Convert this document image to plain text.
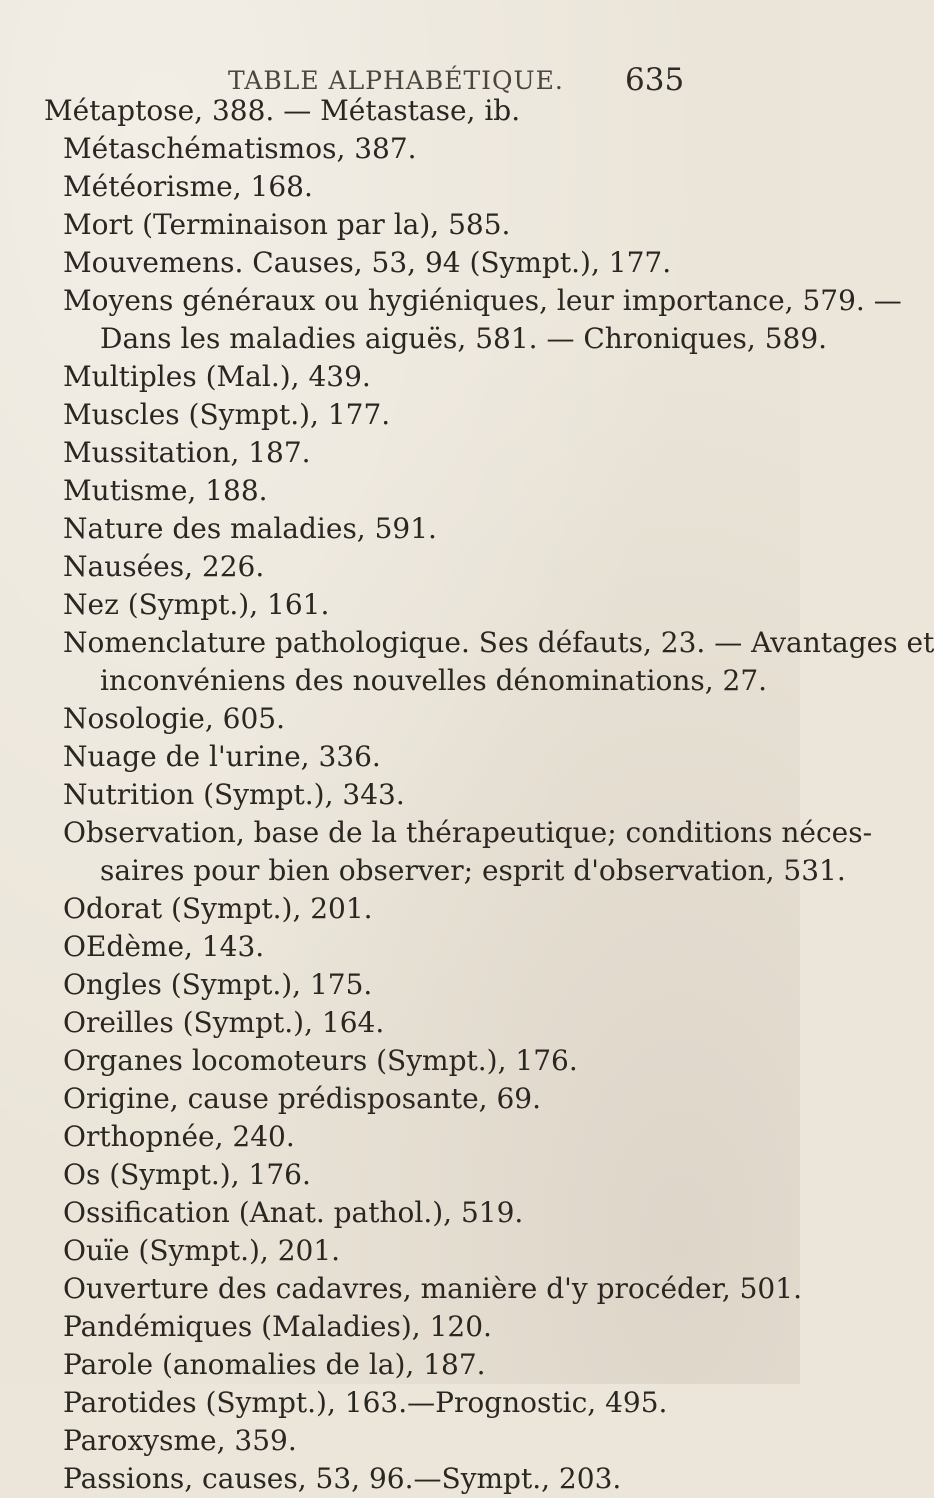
TABLE ALPHABÉTIQUE. 635
Métaptose, 388. — Métastase, ib.
Métaschématismos, 387.
Météorisme, 168.
Mort (Terminaison par la), 585.
Mouvemens. Causes, 53, 94 (Sympt.), 177.
Moyens généraux ou hygiéniques, leur importance, 579. —
Dans les maladies aiguës, 581. — Chroniques, 589.
Multiples (Mal.), 439.
Muscles (Sympt.), 177.
Mussitation, 187.
Mutisme, 188.
Nature des maladies, 591.
Nausées, 226.
Nez (Sympt.), 161.
Nomenclature pathologique. Ses défauts, 23. — Avantages et
inconvéniens des nouvelles dénominations, 27.
Nosologie, 605.
Nuage de l'urine, 336.
Nutrition (Sympt.), 343.
Observation, base de la thérapeutique; conditions néces-
saires pour bien observer; esprit d'observation, 531.
Odorat (Sympt.), 201.
OEdème, 143.
Ongles (Sympt.), 175.
Oreilles (Sympt.), 164.
Organes locomoteurs (Sympt.), 176.
Origine, cause prédisposante, 69.
Orthopnée, 240.
Os (Sympt.), 176.
Ossification (Anat. pathol.), 519.
Ouïe (Sympt.), 201.
Ouverture des cadavres, manière d'y procéder, 501.
Pandémiques (Maladies), 120.
Parole (anomalies de la), 187.
Parotides (Sympt.), 163.—Prognostic, 495.
Paroxysme, 359.
Passions, causes, 53, 96.—Sympt., 203.
